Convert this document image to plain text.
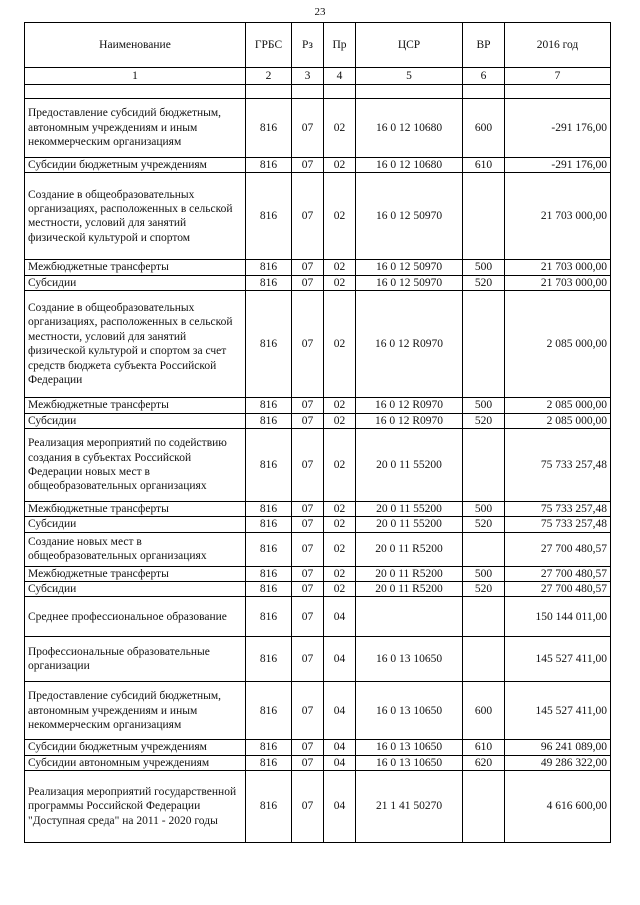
23
Наименование	ГРБС	Рз	Пр	ЦСР	ВР	2016 год
1	2	3	4	5	6	7

Предоставление субсидий бюджетным, автономным учреждениям и иным некоммерческим организациям	816	07	02	16 0 12 10680	600	-291 176,00
Субсидии бюджетным учреждениям	816	07	02	16 0 12 10680	610	-291 176,00
Создание в общеобразовательных организациях, расположенных в сельской местности, условий для занятий физической культурой и спортом	816	07	02	16 0 12 50970		21 703 000,00
Межбюджетные трансферты	816	07	02	16 0 12 50970	500	21 703 000,00
Субсидии	816	07	02	16 0 12 50970	520	21 703 000,00
Создание в общеобразовательных организациях, расположенных в сельской местности, условий для занятий физической культурой и спортом за счет средств бюджета субъекта Российской Федерации	816	07	02	16 0 12 R0970		2 085 000,00
Межбюджетные трансферты	816	07	02	16 0 12 R0970	500	2 085 000,00
Субсидии	816	07	02	16 0 12 R0970	520	2 085 000,00
Реализация мероприятий по содействию создания в субъектах Российской Федерации новых мест в общеобразовательных организациях	816	07	02	20 0 11 55200		75 733 257,48
Межбюджетные трансферты	816	07	02	20 0 11 55200	500	75 733 257,48
Субсидии	816	07	02	20 0 11 55200	520	75 733 257,48
Создание новых мест в общеобразовательных организациях	816	07	02	20 0 11 R5200		27 700 480,57
Межбюджетные трансферты	816	07	02	20 0 11 R5200	500	27 700 480,57
Субсидии	816	07	02	20 0 11 R5200	520	27 700 480,57
Среднее профессиональное образование	816	07	04			150 144 011,00
Профессиональные образовательные организации	816	07	04	16 0 13 10650		145 527 411,00
Предоставление субсидий бюджетным, автономным учреждениям и иным некоммерческим организациям	816	07	04	16 0 13 10650	600	145 527 411,00
Субсидии бюджетным учреждениям	816	07	04	16 0 13 10650	610	96 241 089,00
Субсидии автономным учреждениям	816	07	04	16 0 13 10650	620	49 286 322,00
Реализация мероприятий государственной программы Российской Федерации "Доступная среда" на 2011 - 2020 годы	816	07	04	21 1 41 50270		4 616 600,00
